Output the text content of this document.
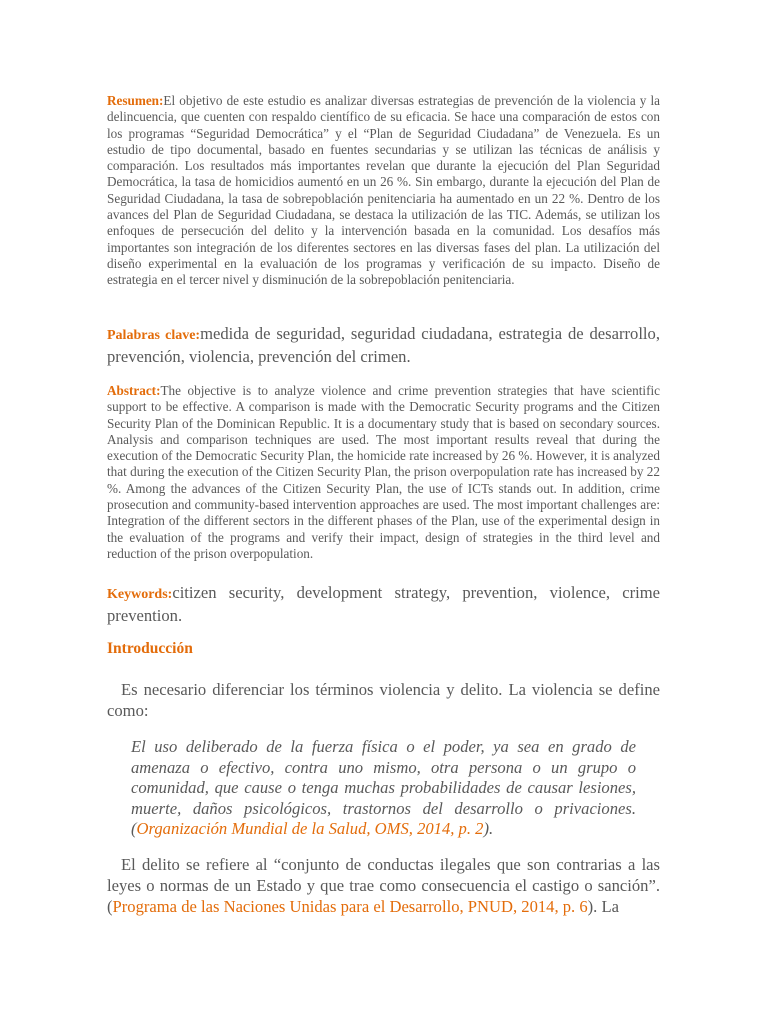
Resumen:El objetivo de este estudio es analizar diversas estrategias de prevención de la violencia y la delincuencia, que cuenten con respaldo científico de su eficacia. Se hace una comparación de estos con los programas “Seguridad Democrática” y el “Plan de Seguridad Ciudadana” de Venezuela. Es un estudio de tipo documental, basado en fuentes secundarias y se utilizan las técnicas de análisis y comparación. Los resultados más importantes revelan que durante la ejecución del Plan Seguridad Democrática, la tasa de homicidios aumentó en un 26 %. Sin embargo, durante la ejecución del Plan de Seguridad Ciudadana, la tasa de sobrepoblación penitenciaria ha aumentado en un 22 %. Dentro de los avances del Plan de Seguridad Ciudadana, se destaca la utilización de las TIC. Además, se utilizan los enfoques de persecución del delito y la intervención basada en la comunidad. Los desafíos más importantes son integración de los diferentes sectores en las diversas fases del plan. La utilización del diseño experimental en la evaluación de los programas y verificación de su impacto. Diseño de estrategia en el tercer nivel y disminución de la sobrepoblación penitenciaria.

Palabras clave:medida de seguridad, seguridad ciudadana, estrategia de desarrollo, prevención, violencia, prevención del crimen.

Abstract:The objective is to analyze violence and crime prevention strategies that have scientific support to be effective. A comparison is made with the Democratic Security programs and the Citizen Security Plan of the Dominican Republic. It is a documentary study that is based on secondary sources. Analysis and comparison techniques are used. The most important results reveal that during the execution of the Democratic Security Plan, the homicide rate increased by 26 %. However, it is analyzed that during the execution of the Citizen Security Plan, the prison overpopulation rate has increased by 22 %. Among the advances of the Citizen Security Plan, the use of ICTs stands out. In addition, crime prosecution and community-based intervention approaches are used. The most important challenges are: Integration of the different sectors in the different phases of the Plan, use of the experimental design in the evaluation of the programs and verify their impact, design of strategies in the third level and reduction of the prison overpopulation.

Keywords:citizen security, development strategy, prevention, violence, crime prevention.

Introducción

Es necesario diferenciar los términos violencia y delito. La violencia se define como:

El uso deliberado de la fuerza física o el poder, ya sea en grado de amenaza o efectivo, contra uno mismo, otra persona o un grupo o comunidad, que cause o tenga muchas probabilidades de causar lesiones, muerte, daños psicológicos, trastornos del desarrollo o privaciones. (Organización Mundial de la Salud, OMS, 2014, p. 2).

El delito se refiere al “conjunto de conductas ilegales que son contrarias a las leyes o normas de un Estado y que trae como consecuencia el castigo o sanción”. (Programa de las Naciones Unidas para el Desarrollo, PNUD, 2014, p. 6). La
